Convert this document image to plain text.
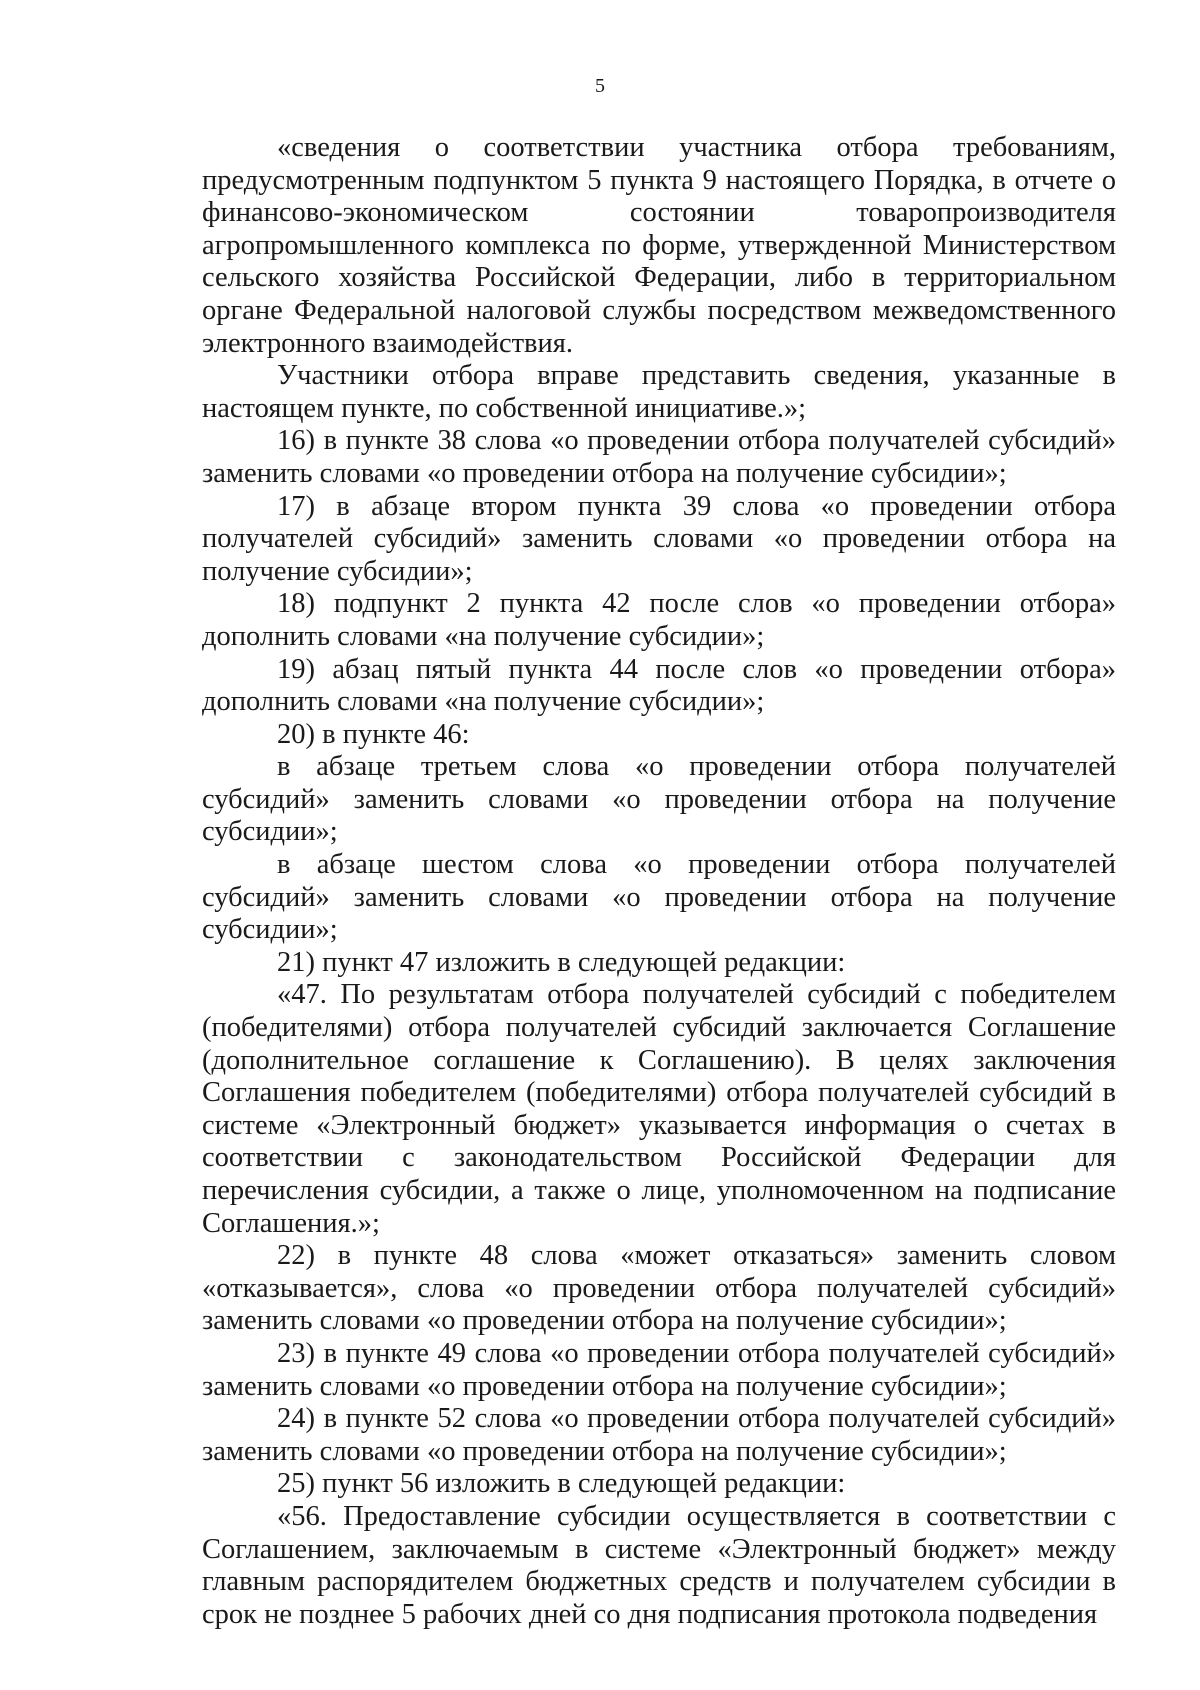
5

«сведения о соответствии участника отбора требованиям, предусмотренным подпунктом 5 пункта 9 настоящего Порядка, в отчете о финансово-экономическом состоянии товаропроизводителя агропромышленного комплекса по форме, утвержденной Министерством сельского хозяйства Российской Федерации, либо в территориальном органе Федеральной налоговой службы посредством межведомственного электронного взаимодействия.

Участники отбора вправе представить сведения, указанные в настоящем пункте, по собственной инициативе.»;

16) в пункте 38 слова «о проведении отбора получателей субсидий» заменить словами «о проведении отбора на получение субсидии»;

17) в абзаце втором пункта 39 слова «о проведении отбора получателей субсидий» заменить словами «о проведении отбора на получение субсидии»;

18) подпункт 2 пункта 42 после слов «о проведении отбора» дополнить словами «на получение субсидии»;

19) абзац пятый пункта 44 после слов «о проведении отбора» дополнить словами «на получение субсидии»;

20) в пункте 46:

в абзаце третьем слова «о проведении отбора получателей субсидий» заменить словами «о проведении отбора на получение субсидии»;

в абзаце шестом слова «о проведении отбора получателей субсидий» заменить словами «о проведении отбора на получение субсидии»;

21) пункт 47 изложить в следующей редакции:

«47. По результатам отбора получателей субсидий с победителем (победителями) отбора получателей субсидий заключается Соглашение (дополнительное соглашение к Соглашению). В целях заключения Соглашения победителем (победителями) отбора получателей субсидий в системе «Электронный бюджет» указывается информация о счетах в соответствии с законодательством Российской Федерации для перечисления субсидии, а также о лице, уполномоченном на подписание Соглашения.»;

22) в пункте 48 слова «может отказаться» заменить словом «отказывается», слова «о проведении отбора получателей субсидий» заменить словами «о проведении отбора на получение субсидии»;

23) в пункте 49 слова «о проведении отбора получателей субсидий» заменить словами «о проведении отбора на получение субсидии»;

24) в пункте 52 слова «о проведении отбора получателей субсидий» заменить словами «о проведении отбора на получение субсидии»;

25) пункт 56 изложить в следующей редакции:

«56. Предоставление субсидии осуществляется в соответствии с Соглашением, заключаемым в системе «Электронный бюджет» между главным распорядителем бюджетных средств и получателем субсидии в срок не позднее 5 рабочих дней со дня подписания протокола подведения
